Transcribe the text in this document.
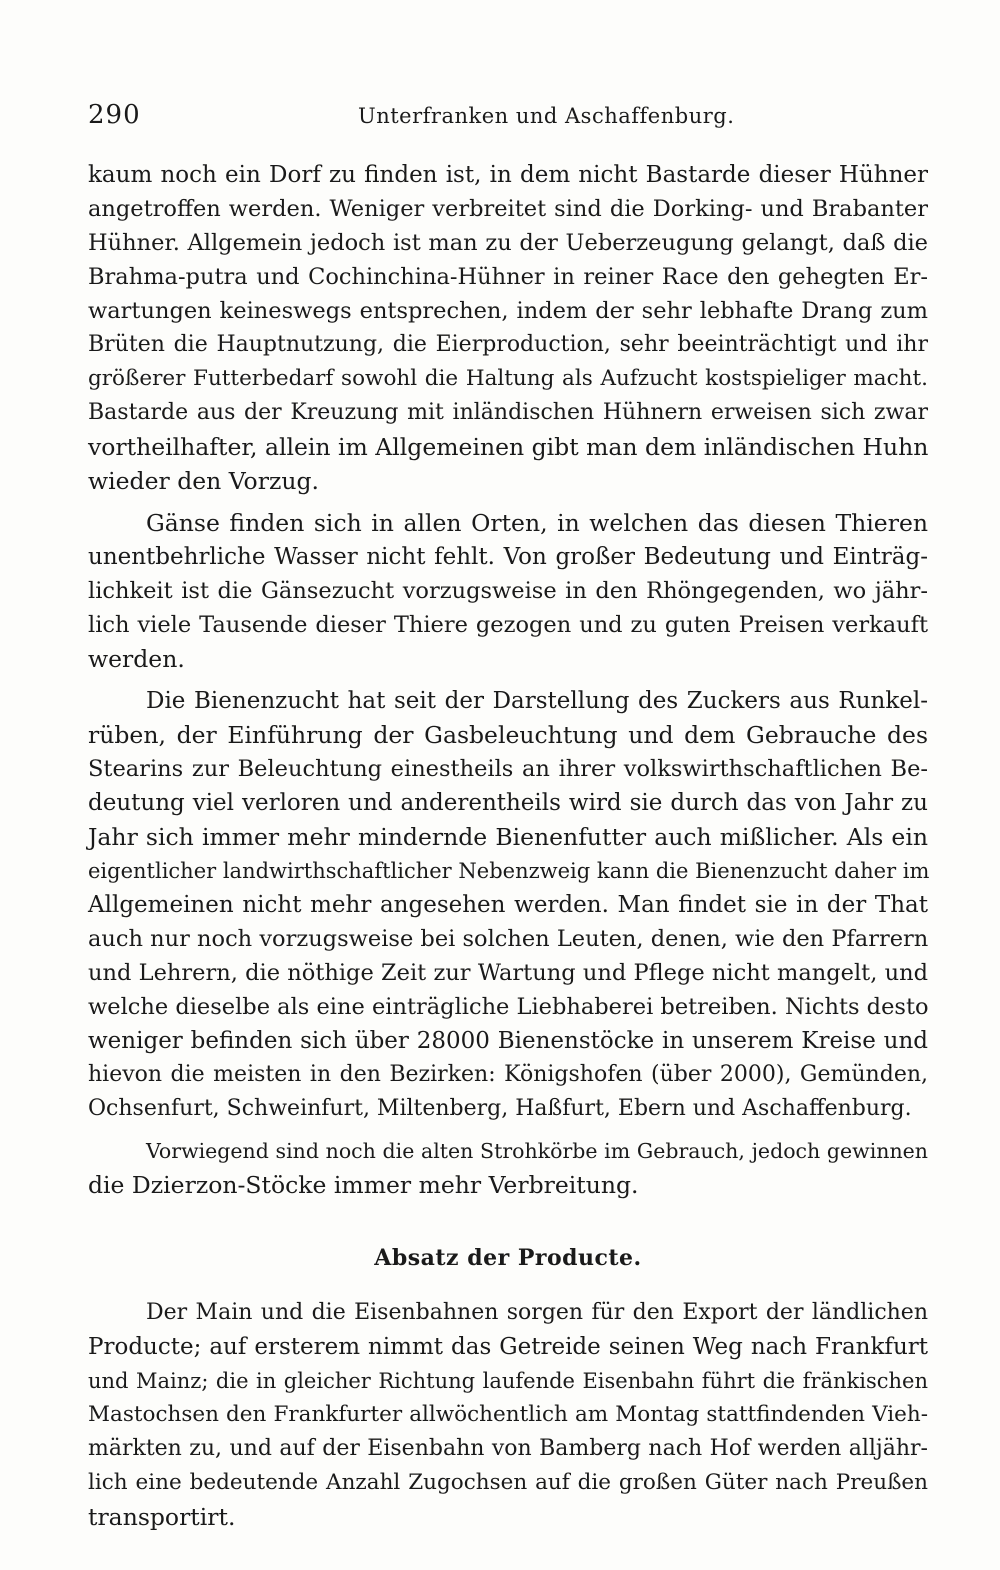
290	Unterfranken und Aschaffenburg.
kaum noch ein Dorf zu finden ist, in dem nicht Bastarde dieser Hühner
angetroffen werden. Weniger verbreitet sind die Dorking- und Brabanter
Hühner. Allgemein jedoch ist man zu der Ueberzeugung gelangt, daß die
Brahma-putra und Cochinchina-Hühner in reiner Race den gehegten Er-
wartungen keineswegs entsprechen, indem der sehr lebhafte Drang zum
Brüten die Hauptnutzung, die Eierproduction, sehr beeinträchtigt und ihr
größerer Futterbedarf sowohl die Haltung als Aufzucht kostspieliger macht.
Bastarde aus der Kreuzung mit inländischen Hühnern erweisen sich zwar
vortheilhafter, allein im Allgemeinen gibt man dem inländischen Huhn
wieder den Vorzug.
Gänse finden sich in allen Orten, in welchen das diesen Thieren
unentbehrliche Wasser nicht fehlt. Von großer Bedeutung und Einträg-
lichkeit ist die Gänsezucht vorzugsweise in den Rhöngegenden, wo jähr-
lich viele Tausende dieser Thiere gezogen und zu guten Preisen verkauft
werden.
Die Bienenzucht hat seit der Darstellung des Zuckers aus Runkel-
rüben, der Einführung der Gasbeleuchtung und dem Gebrauche des
Stearins zur Beleuchtung einestheils an ihrer volkswirthschaftlichen Be-
deutung viel verloren und anderentheils wird sie durch das von Jahr zu
Jahr sich immer mehr mindernde Bienenfutter auch mißlicher. Als ein
eigentlicher landwirthschaftlicher Nebenzweig kann die Bienenzucht daher im
Allgemeinen nicht mehr angesehen werden. Man findet sie in der That
auch nur noch vorzugsweise bei solchen Leuten, denen, wie den Pfarrern
und Lehrern, die nöthige Zeit zur Wartung und Pflege nicht mangelt, und
welche dieselbe als eine einträgliche Liebhaberei betreiben. Nichts desto
weniger befinden sich über 28000 Bienenstöcke in unserem Kreise und
hievon die meisten in den Bezirken: Königshofen (über 2000), Gemünden,
Ochsenfurt, Schweinfurt, Miltenberg, Haßfurt, Ebern und Aschaffenburg.
Vorwiegend sind noch die alten Strohkörbe im Gebrauch, jedoch gewinnen
die Dzierzon-Stöcke immer mehr Verbreitung.
Absatz der Producte.
Der Main und die Eisenbahnen sorgen für den Export der ländlichen
Producte; auf ersterem nimmt das Getreide seinen Weg nach Frankfurt
und Mainz; die in gleicher Richtung laufende Eisenbahn führt die fränkischen
Mastochsen den Frankfurter allwöchentlich am Montag stattfindenden Vieh-
märkten zu, und auf der Eisenbahn von Bamberg nach Hof werden alljähr-
lich eine bedeutende Anzahl Zugochsen auf die großen Güter nach Preußen
transportirt.
